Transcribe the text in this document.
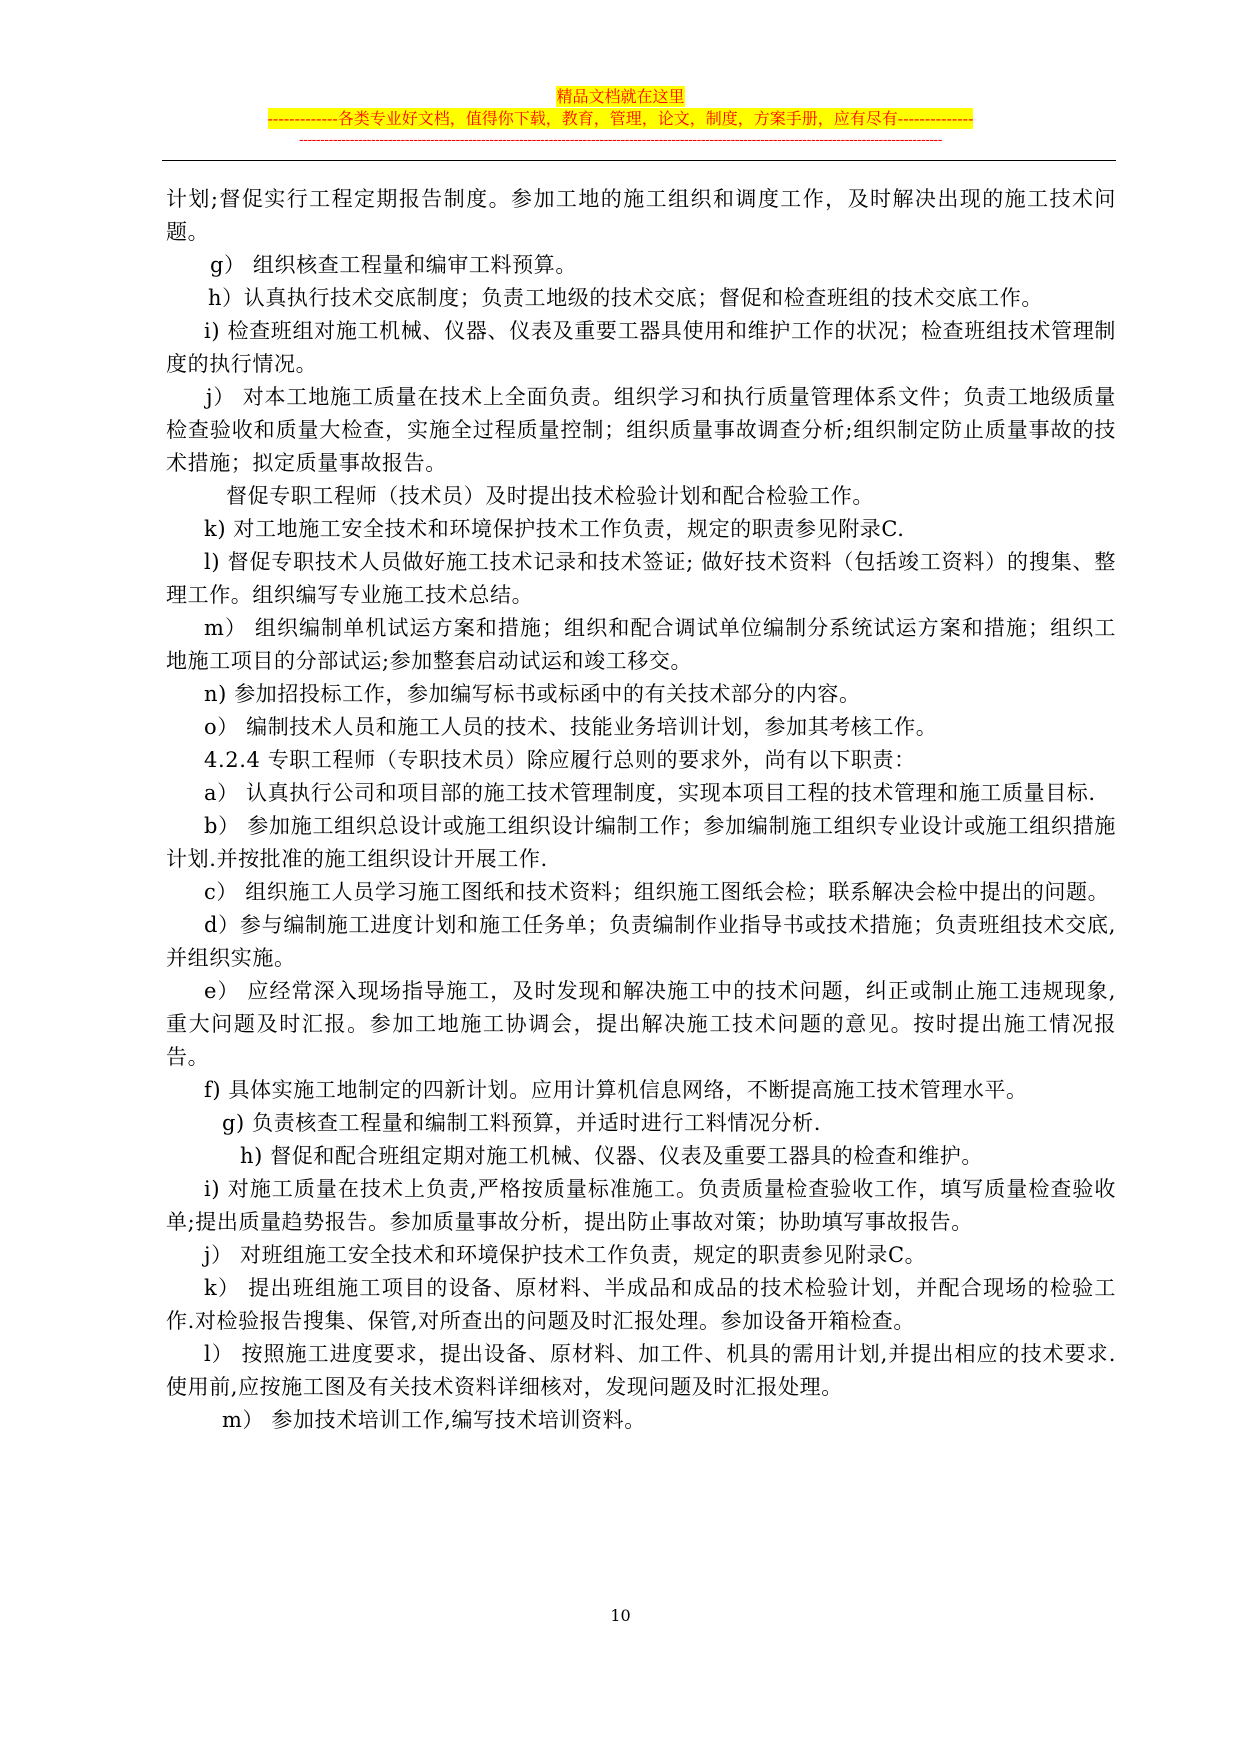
精品文档就在这里
-------------各类专业好文档，值得你下载，教育，管理，论文，制度，方案手册，应有尽有--------------
--------------------------------------------------------------------------------------------------------------------------------------------------------

计划;督促实行工程定期报告制度。参加工地的施工组织和调度工作，及时解决出现的施工技术问题。

g） 组织核查工程量和编审工料预算。

h）认真执行技术交底制度；负责工地级的技术交底；督促和检查班组的技术交底工作。

i) 检查班组对施工机械、仪器、仪表及重要工器具使用和维护工作的状况；检查班组技术管理制度的执行情况。

j） 对本工地施工质量在技术上全面负责。组织学习和执行质量管理体系文件；负责工地级质量检查验收和质量大检查，实施全过程质量控制；组织质量事故调查分析;组织制定防止质量事故的技术措施；拟定质量事故报告。

督促专职工程师（技术员）及时提出技术检验计划和配合检验工作。

k) 对工地施工安全技术和环境保护技术工作负责，规定的职责参见附录C.

l) 督促专职技术人员做好施工技术记录和技术签证; 做好技术资料（包括竣工资料）的搜集、整理工作。组织编写专业施工技术总结。

m） 组织编制单机试运方案和措施；组织和配合调试单位编制分系统试运方案和措施；组织工地施工项目的分部试运;参加整套启动试运和竣工移交。

n) 参加招投标工作，参加编写标书或标函中的有关技术部分的内容。

o） 编制技术人员和施工人员的技术、技能业务培训计划，参加其考核工作。

4.2.4 专职工程师（专职技术员）除应履行总则的要求外，尚有以下职责：

a） 认真执行公司和项目部的施工技术管理制度，实现本项目工程的技术管理和施工质量目标.

b） 参加施工组织总设计或施工组织设计编制工作；参加编制施工组织专业设计或施工组织措施计划.并按批准的施工组织设计开展工作.

c） 组织施工人员学习施工图纸和技术资料；组织施工图纸会检；联系解决会检中提出的问题。

d）参与编制施工进度计划和施工任务单；负责编制作业指导书或技术措施；负责班组技术交底,并组织实施。

e） 应经常深入现场指导施工，及时发现和解决施工中的技术问题，纠正或制止施工违规现象,重大问题及时汇报。参加工地施工协调会，提出解决施工技术问题的意见。按时提出施工情况报告。

f) 具体实施工地制定的四新计划。应用计算机信息网络，不断提高施工技术管理水平。

g) 负责核查工程量和编制工料预算，并适时进行工料情况分析.

h) 督促和配合班组定期对施工机械、仪器、仪表及重要工器具的检查和维护。

i) 对施工质量在技术上负责,严格按质量标准施工。负责质量检查验收工作，填写质量检查验收单;提出质量趋势报告。参加质量事故分析，提出防止事故对策；协助填写事故报告。

j） 对班组施工安全技术和环境保护技术工作负责，规定的职责参见附录C。

k） 提出班组施工项目的设备、原材料、半成品和成品的技术检验计划，并配合现场的检验工作.对检验报告搜集、保管,对所查出的问题及时汇报处理。参加设备开箱检查。

l） 按照施工进度要求，提出设备、原材料、加工件、机具的需用计划,并提出相应的技术要求.使用前,应按施工图及有关技术资料详细核对，发现问题及时汇报处理。

m） 参加技术培训工作,编写技术培训资料。

10
